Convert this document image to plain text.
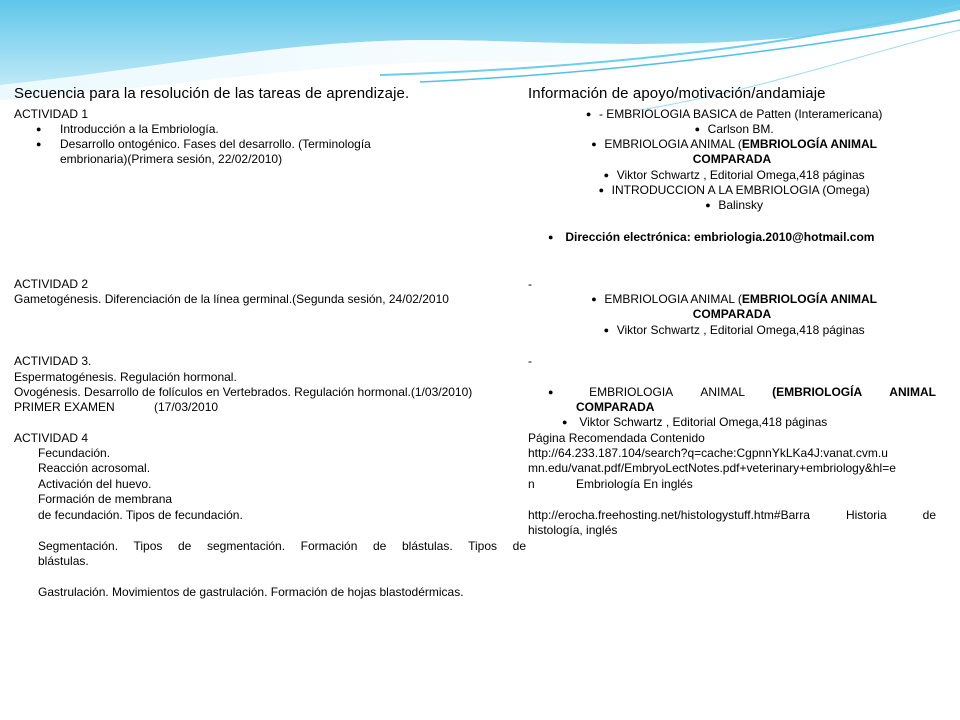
Secuencia para la resolución de las tareas de aprendizaje.
ACTIVIDAD 1
● Introducción a la Embriología.
● Desarrollo ontogénico. Fases del desarrollo. (Terminología
embrionaria)(Primera sesión, 22/02/2010)
ACTIVIDAD 2
Gametogénesis. Diferenciación de la línea germinal.(Segunda sesión, 24/02/2010
ACTIVIDAD 3.
Espermatogénesis. Regulación hormonal.
Ovogénesis. Desarrollo de folículos en Vertebrados. Regulación hormonal.(1/03/2010)
PRIMER EXAMEN	(17/03/2010
ACTIVIDAD 4
Fecundación.
Reacción acrosomal.
Activación del huevo.
Formación de membrana
de fecundación. Tipos de fecundación.
Segmentación. Tipos de segmentación. Formación de blástulas. Tipos de
blástulas.
Gastrulación. Movimientos de gastrulación. Formación de hojas blastodérmicas.
Información de apoyo/motivación/andamiaje
● - EMBRIOLOGIA BASICA de Patten (Interamericana)
● Carlson BM.
● EMBRIOLOGIA ANIMAL (EMBRIOLOGÍA ANIMAL
COMPARADA
● Viktor Schwartz , Editorial Omega,418 páginas
● INTRODUCCION A LA EMBRIOLOGIA (Omega)
● Balinsky
● Dirección electrónica: embriologia.2010@hotmail.com
-
● EMBRIOLOGIA ANIMAL (EMBRIOLOGÍA ANIMAL
COMPARADA
● Viktor Schwartz , Editorial Omega,418 páginas
-
●	EMBRIOLOGIA ANIMAL (EMBRIOLOGÍA ANIMAL
COMPARADA
● Viktor Schwartz , Editorial Omega,418 páginas
Página Recomendada Contenido
http://64.233.187.104/search?q=cache:CgpnnYkLKa4J:vanat.cvm.u
mn.edu/vanat.pdf/EmbryoLectNotes.pdf+veterinary+embriology&hl=e
n	Embriología En inglés
http://erocha.freehosting.net/histologystuff.htm#Barra Historia de
histología, inglés
